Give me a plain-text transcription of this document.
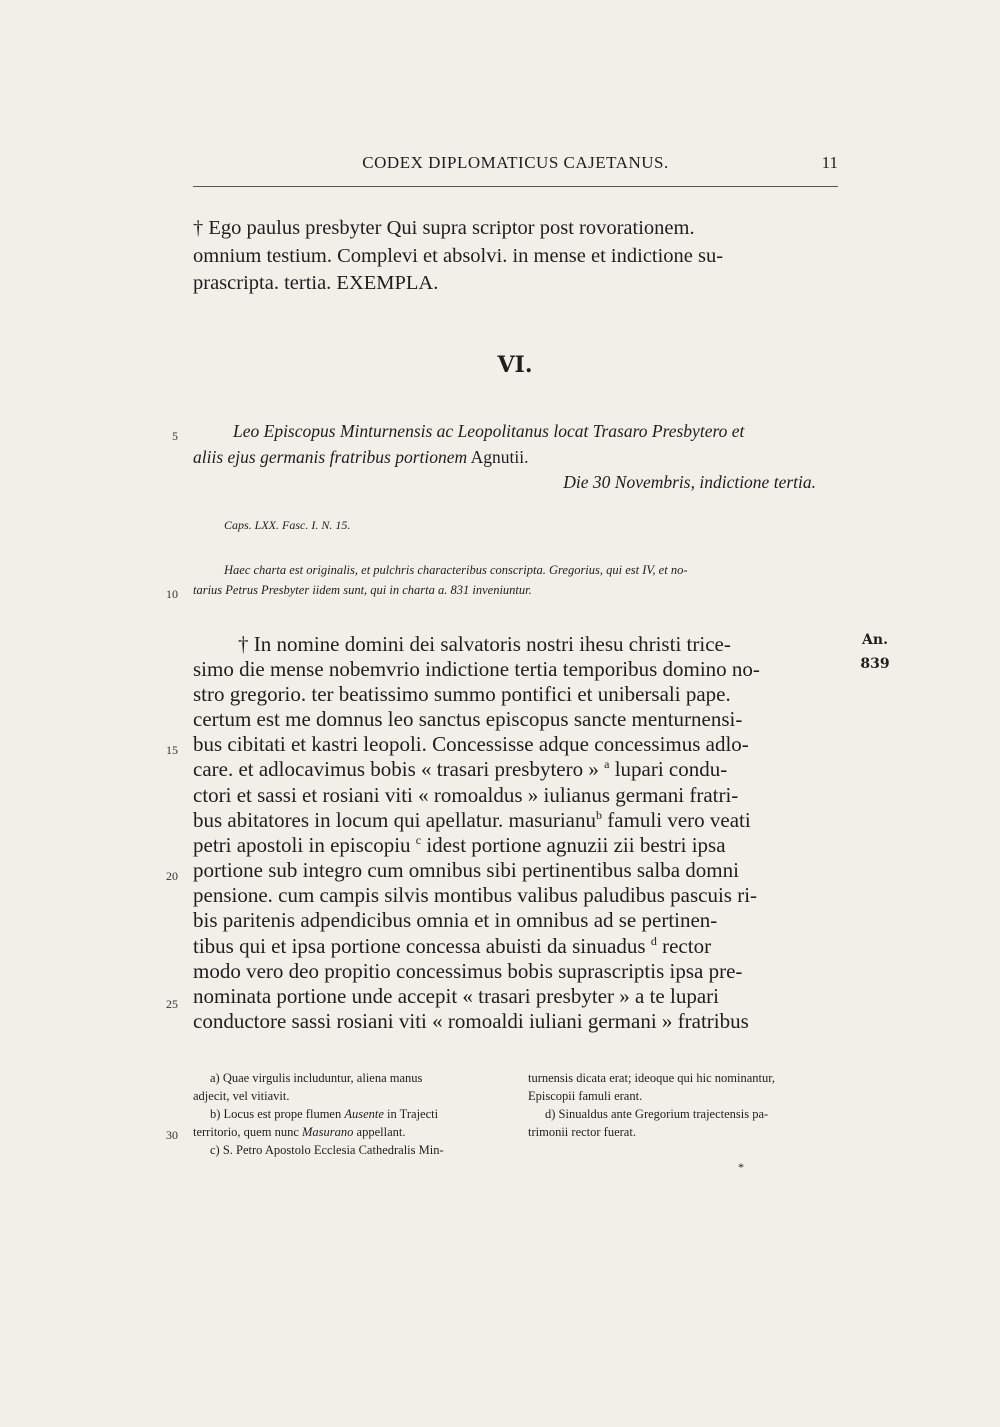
CODEX DIPLOMATICUS CAJETANUS.	11
† Ego paulus presbyter Qui supra scriptor post rovorationem.
omnium testium. Complevi et absolvi. in mense et indictione su-
prascripta. tertia. EXEMPLA.
VI.
Leo Episcopus Minturnensis ac Leopolitanus locat Trasaro Presbytero et
aliis ejus germanis fratribus portionem Agnutii.
Die 30 Novembris, indictione tertia.
Caps. LXX. Fasc. I. N. 15.
Haec charta est originalis, et pulchris characteribus conscripta. Gregorius, qui est IV, et no-
tarius Petrus Presbyter iidem sunt, qui in charta a. 831 inveniuntur.
† In nomine domini dei salvatoris nostri ihesu christi trice-
simo die mense nobemvrio indictione tertia temporibus domino no-
stro gregorio. ter beatissimo summo pontifici et unibersali pape.
certum est me domnus leo sanctus episcopus sancte menturnensi-
bus cibitati et kastri leopoli. Concessisse adque concessimus adlo-
care. et adlocavimus bobis « trasari presbytero » $^a$ lupari condu-
ctori et sassi et rosiani viti « romoaldus » iulianus germani fratri-
bus abitatores in locum qui apellatur. masurianu$^b$ famuli vero veati
petri apostoli in episcopiu $^c$ idest portione agnuzii zii bestri ipsa
portione sub integro cum omnibus sibi pertinentibus salba domni
pensione. cum campis silvis montibus valibus paludibus pascuis ri-
bis paritenis adpendicibus omnia et in omnibus ad se pertinen-
tibus qui et ipsa portione concessa abuisti da sinuadus $^d$ rector
modo vero deo propitio concessimus bobis suprascriptis ipsa pre-
nominata portione unde accepit « trasari presbyter » a te lupari
conductore sassi rosiani viti « romoaldi iuliani germani » fratribus
5
10
15
20
25
30
An.
839
a) Quae virgulis includuntur, aliena manus
adjecit, vel vitiavit.
b) Locus est prope flumen Ausente in Trajecti
territorio, quem nunc Masurano appellant.
c) S. Petro Apostolo Ecclesia Cathedralis Min-
turnensis dicata erat; ideoque qui hic nominantur,
Episcopii famuli erant.
d) Sinualdus ante Gregorium trajectensis pa-
trimonii rector fuerat.
*
